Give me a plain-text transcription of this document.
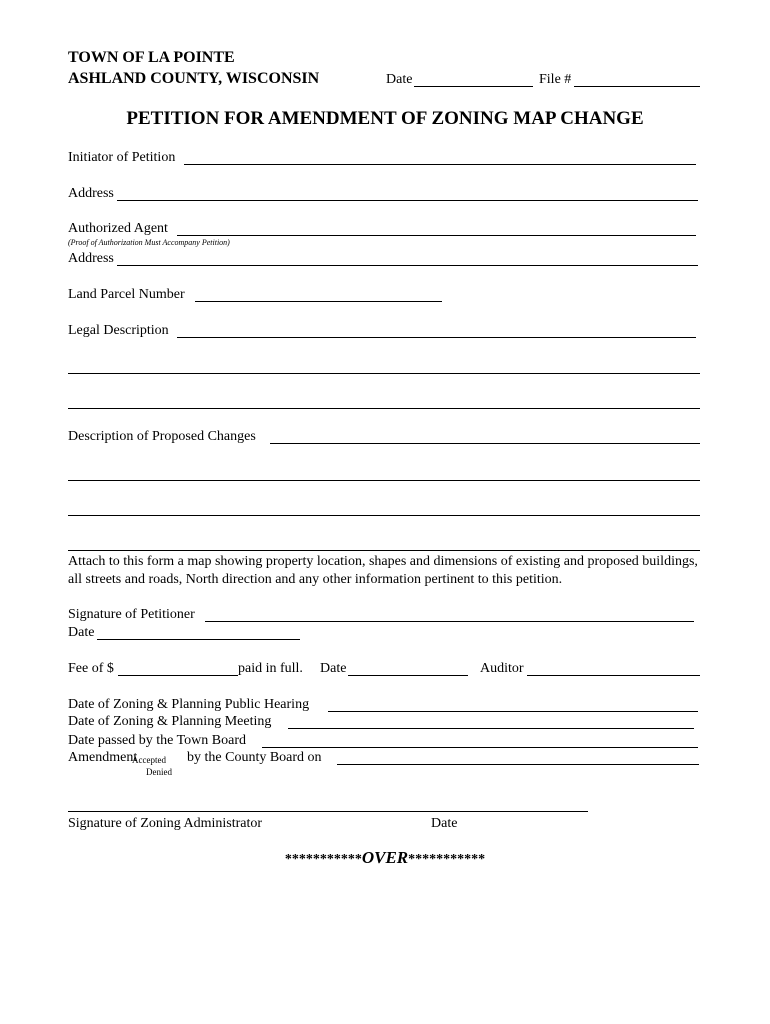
TOWN OF LA POINTE
ASHLAND COUNTY, WISCONSIN	Date	File #
PETITION FOR AMENDMENT OF ZONING MAP CHANGE
Initiator of Petition
Address
Authorized Agent
(Proof of Authorization Must Accompany Petition)
Address
Land Parcel Number
Legal Description
Description of Proposed Changes
Attach to this form a map showing property location, shapes and dimensions of existing and proposed buildings, all streets and roads, North direction and any other information pertinent to this petition.
Signature of Petitioner
Date
Fee of $	paid in full. Date	Auditor
Date of Zoning & Planning Public Hearing
Date of Zoning & Planning Meeting
Date passed by the Town Board
Amendment
Accepted
Denied
by the County Board on
Signature of Zoning Administrator	Date
***********OVER***********
